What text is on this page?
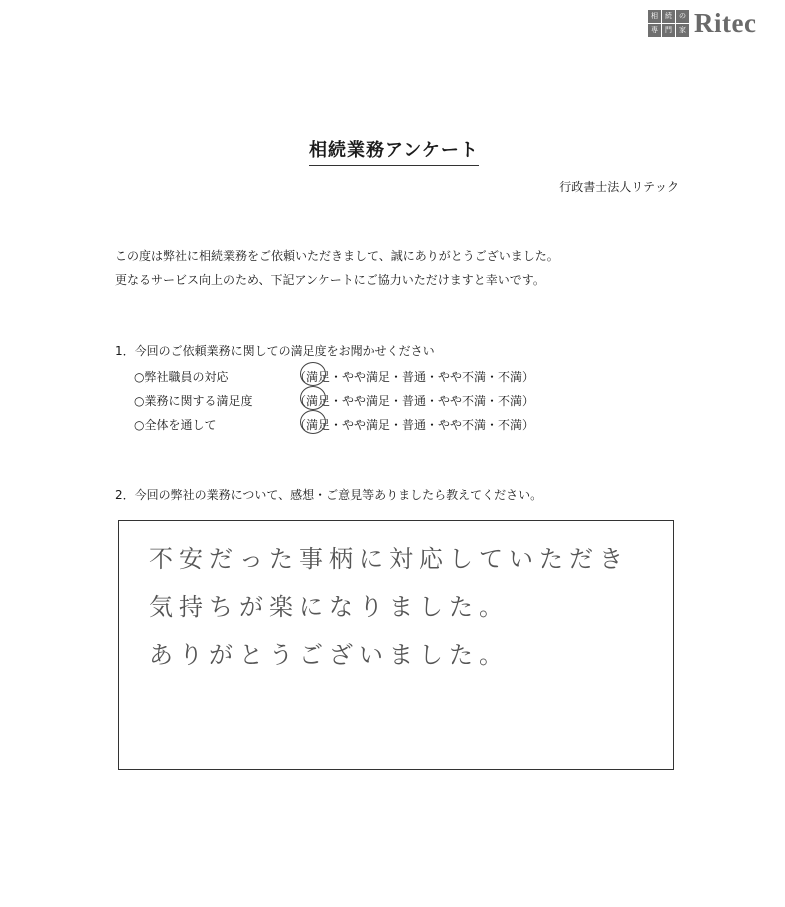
相	続	の
専	門	家 Ritec
相続業務アンケート
行政書士法人リテック
この度は弊社に相続業務をご依頼いただきまして、誠にありがとうございました。
更なるサービス向上のため、下記アンケートにご協力いただけますと幸いです。
1．今回のご依頼業務に関しての満足度をお聞かせください
○弊社職員の対応	（満足・やや満足・普通・やや不満・不満）
○業務に関する満足度	（満足・やや満足・普通・やや不満・不満）
○全体を通して	（満足・やや満足・普通・やや不満・不満）
2．今回の弊社の業務について、感想・ご意見等ありましたら教えてください。
不安だった事柄に対応していただき
気持ちが楽になりました。
ありがとうございました。
